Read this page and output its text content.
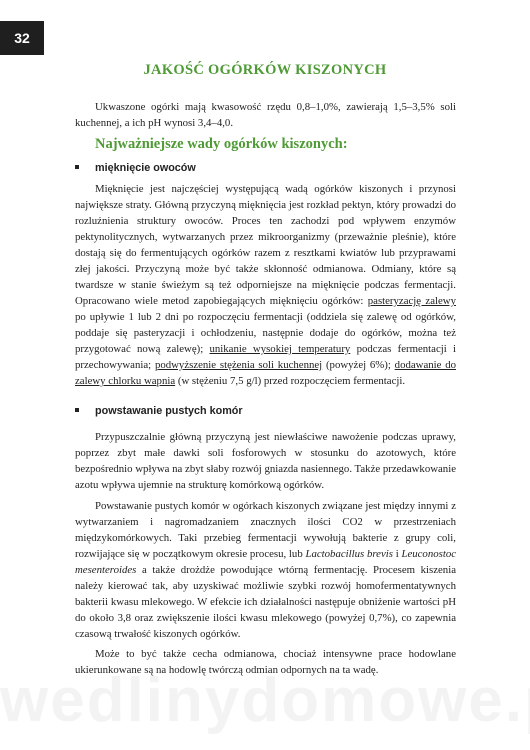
32
JAKOŚĆ OGÓRKÓW KISZONYCH

Ukwaszone ogórki mają kwasowość rzędu 0,8–1,0%, zawierają 1,5–3,5% soli kuchennej, a ich pH wynosi 3,4–4,0.

Najważniejsze wady ogórków kiszonych:
mięknięcie owoców

Mięknięcie jest najczęściej występującą wadą ogórków kiszonych i przynosi największe straty. Główną przyczyną mięknięcia jest rozkład pektyn, który prowadzi do rozluźnienia struktury owoców. Proces ten zachodzi pod wpływem enzymów pektynolitycznych, wytwarzanych przez mikroorganizmy (przeważnie pleśnie), które dostają się do fermentujących ogórków razem z resztkami kwiatów lub przyprawami złej jakości. Przyczyną może być także skłonność odmianowa. Odmiany, które są twardsze w stanie świeżym są też odporniejsze na mięknięcie podczas fermentacji. Opracowano wiele metod zapobiegających mięknięciu ogórków: pasteryzację zalewy po upływie 1 lub 2 dni po rozpoczęciu fermentacji (oddziela się zalewę od ogórków, poddaje się pasteryzacji i ochłodzeniu, następnie dodaje do ogórków, można też przygotować nową zalewę); unikanie wysokiej temperatury podczas fermentacji i przechowywania; podwyższenie stężenia soli kuchennej (powyżej 6%); dodawanie do zalewy chlorku wapnia (w stężeniu 7,5 g/l) przed rozpoczęciem fermentacji.

powstawanie pustych komór

Przypuszczalnie główną przyczyną jest niewłaściwe nawożenie podczas uprawy, poprzez zbyt małe dawki soli fosforowych w stosunku do azotowych, które bezpośrednio wpływa na zbyt słaby rozwój gniazda nasiennego. Także przedawkowanie azotu wpływa ujemnie na strukturę komórkową ogórków.

Powstawanie pustych komór w ogórkach kiszonych związane jest między innymi z wytwarzaniem i nagromadzaniem znacznych ilości CO2 w przestrzeniach międzykomórkowych. Taki przebieg fermentacji wywołują bakterie z grupy coli, rozwijające się w początkowym okresie procesu, lub Lactobacillus brevis i Leuconostoc mesenteroides a także drożdże powodujące wtórną fermentację. Procesem kiszenia należy kierować tak, aby uzyskiwać możliwie szybki rozwój homofermentatywnych bakterii kwasu mlekowego. W efekcie ich działalności następuje obniżenie wartości pH do około 3,8 oraz zwiększenie ilości kwasu mlekowego (powyżej 0,7%), co zapewnia czasową trwałość kiszonych ogórków.

Może to być także cecha odmianowa, chociaż intensywne prace hodowlane ukierunkowane są na hodowlę twórczą odmian odpornych na ta wadę.
